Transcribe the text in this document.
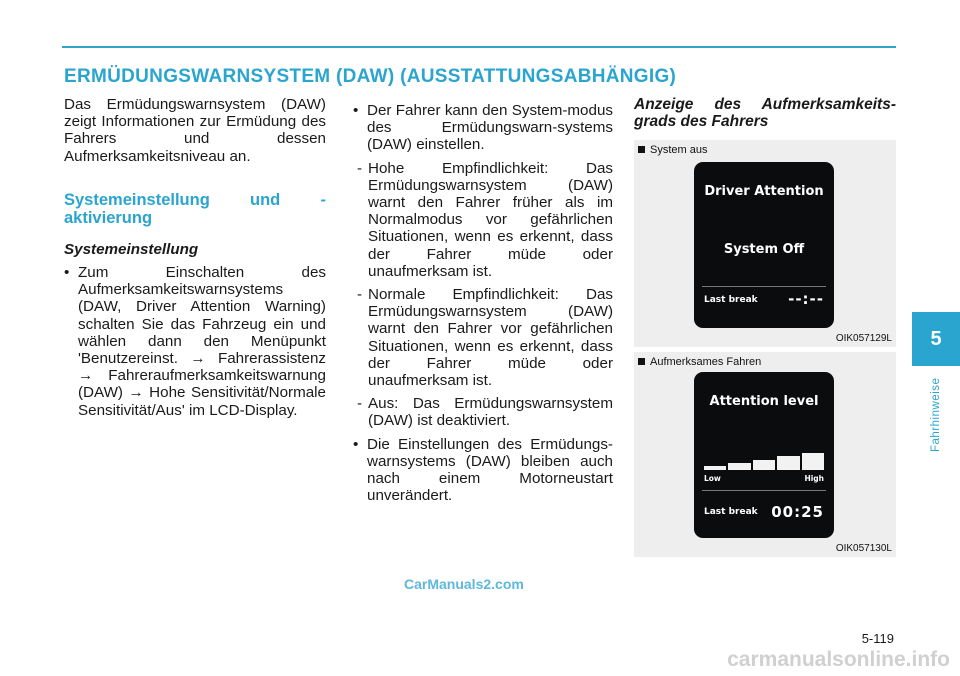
ERMÜDUNGSWARNSYSTEM (DAW) (AUSSTATTUNGSABHÄNGIG)

Das Ermüdungswarnsystem (DAW) zeigt Informationen zur Ermüdung des Fahrers und dessen Aufmerksamkeitsniveau an.

Systemeinstellung und -aktivierung

Systemeinstellung

• Zum Einschalten des Aufmerksamkeitswarnsystems (DAW, Driver Attention Warning) schalten Sie das Fahrzeug ein und wählen dann den Menüpunkt 'Benutzereinst. → Fahrerassistenz → Fahreraufmerksamkeitswarnung (DAW) → Hohe Sensitivität/Normale Sensitivität/Aus' im LCD-Display.

• Der Fahrer kann den System-modus des Ermüdungswarn-systems (DAW) einstellen.

- Hohe Empfindlichkeit: Das Ermüdungswarnsystem (DAW) warnt den Fahrer früher als im Normalmodus vor gefährlichen Situationen, wenn es erkennt, dass der Fahrer müde oder unaufmerksam ist.

- Normale Empfindlichkeit: Das Ermüdungswarnsystem (DAW) warnt den Fahrer vor gefährlichen Situationen, wenn es erkennt, dass der Fahrer müde oder unaufmerksam ist.

- Aus: Das Ermüdungswarnsystem (DAW) ist deaktiviert.

• Die Einstellungen des Ermüdungs-warnsystems (DAW) bleiben auch nach einem Motorneustart unverändert.

Anzeige des Aufmerksamkeits-grads des Fahrers

System aus
Driver Attention
System Off
Last break --:--
OIK057129L
Aufmerksames Fahren
Attention level
Low	High
Last break 00:25
OIK057130L
5
Fahrhinweise
5-119
CarManuals2.com
carmanualsonline.info
